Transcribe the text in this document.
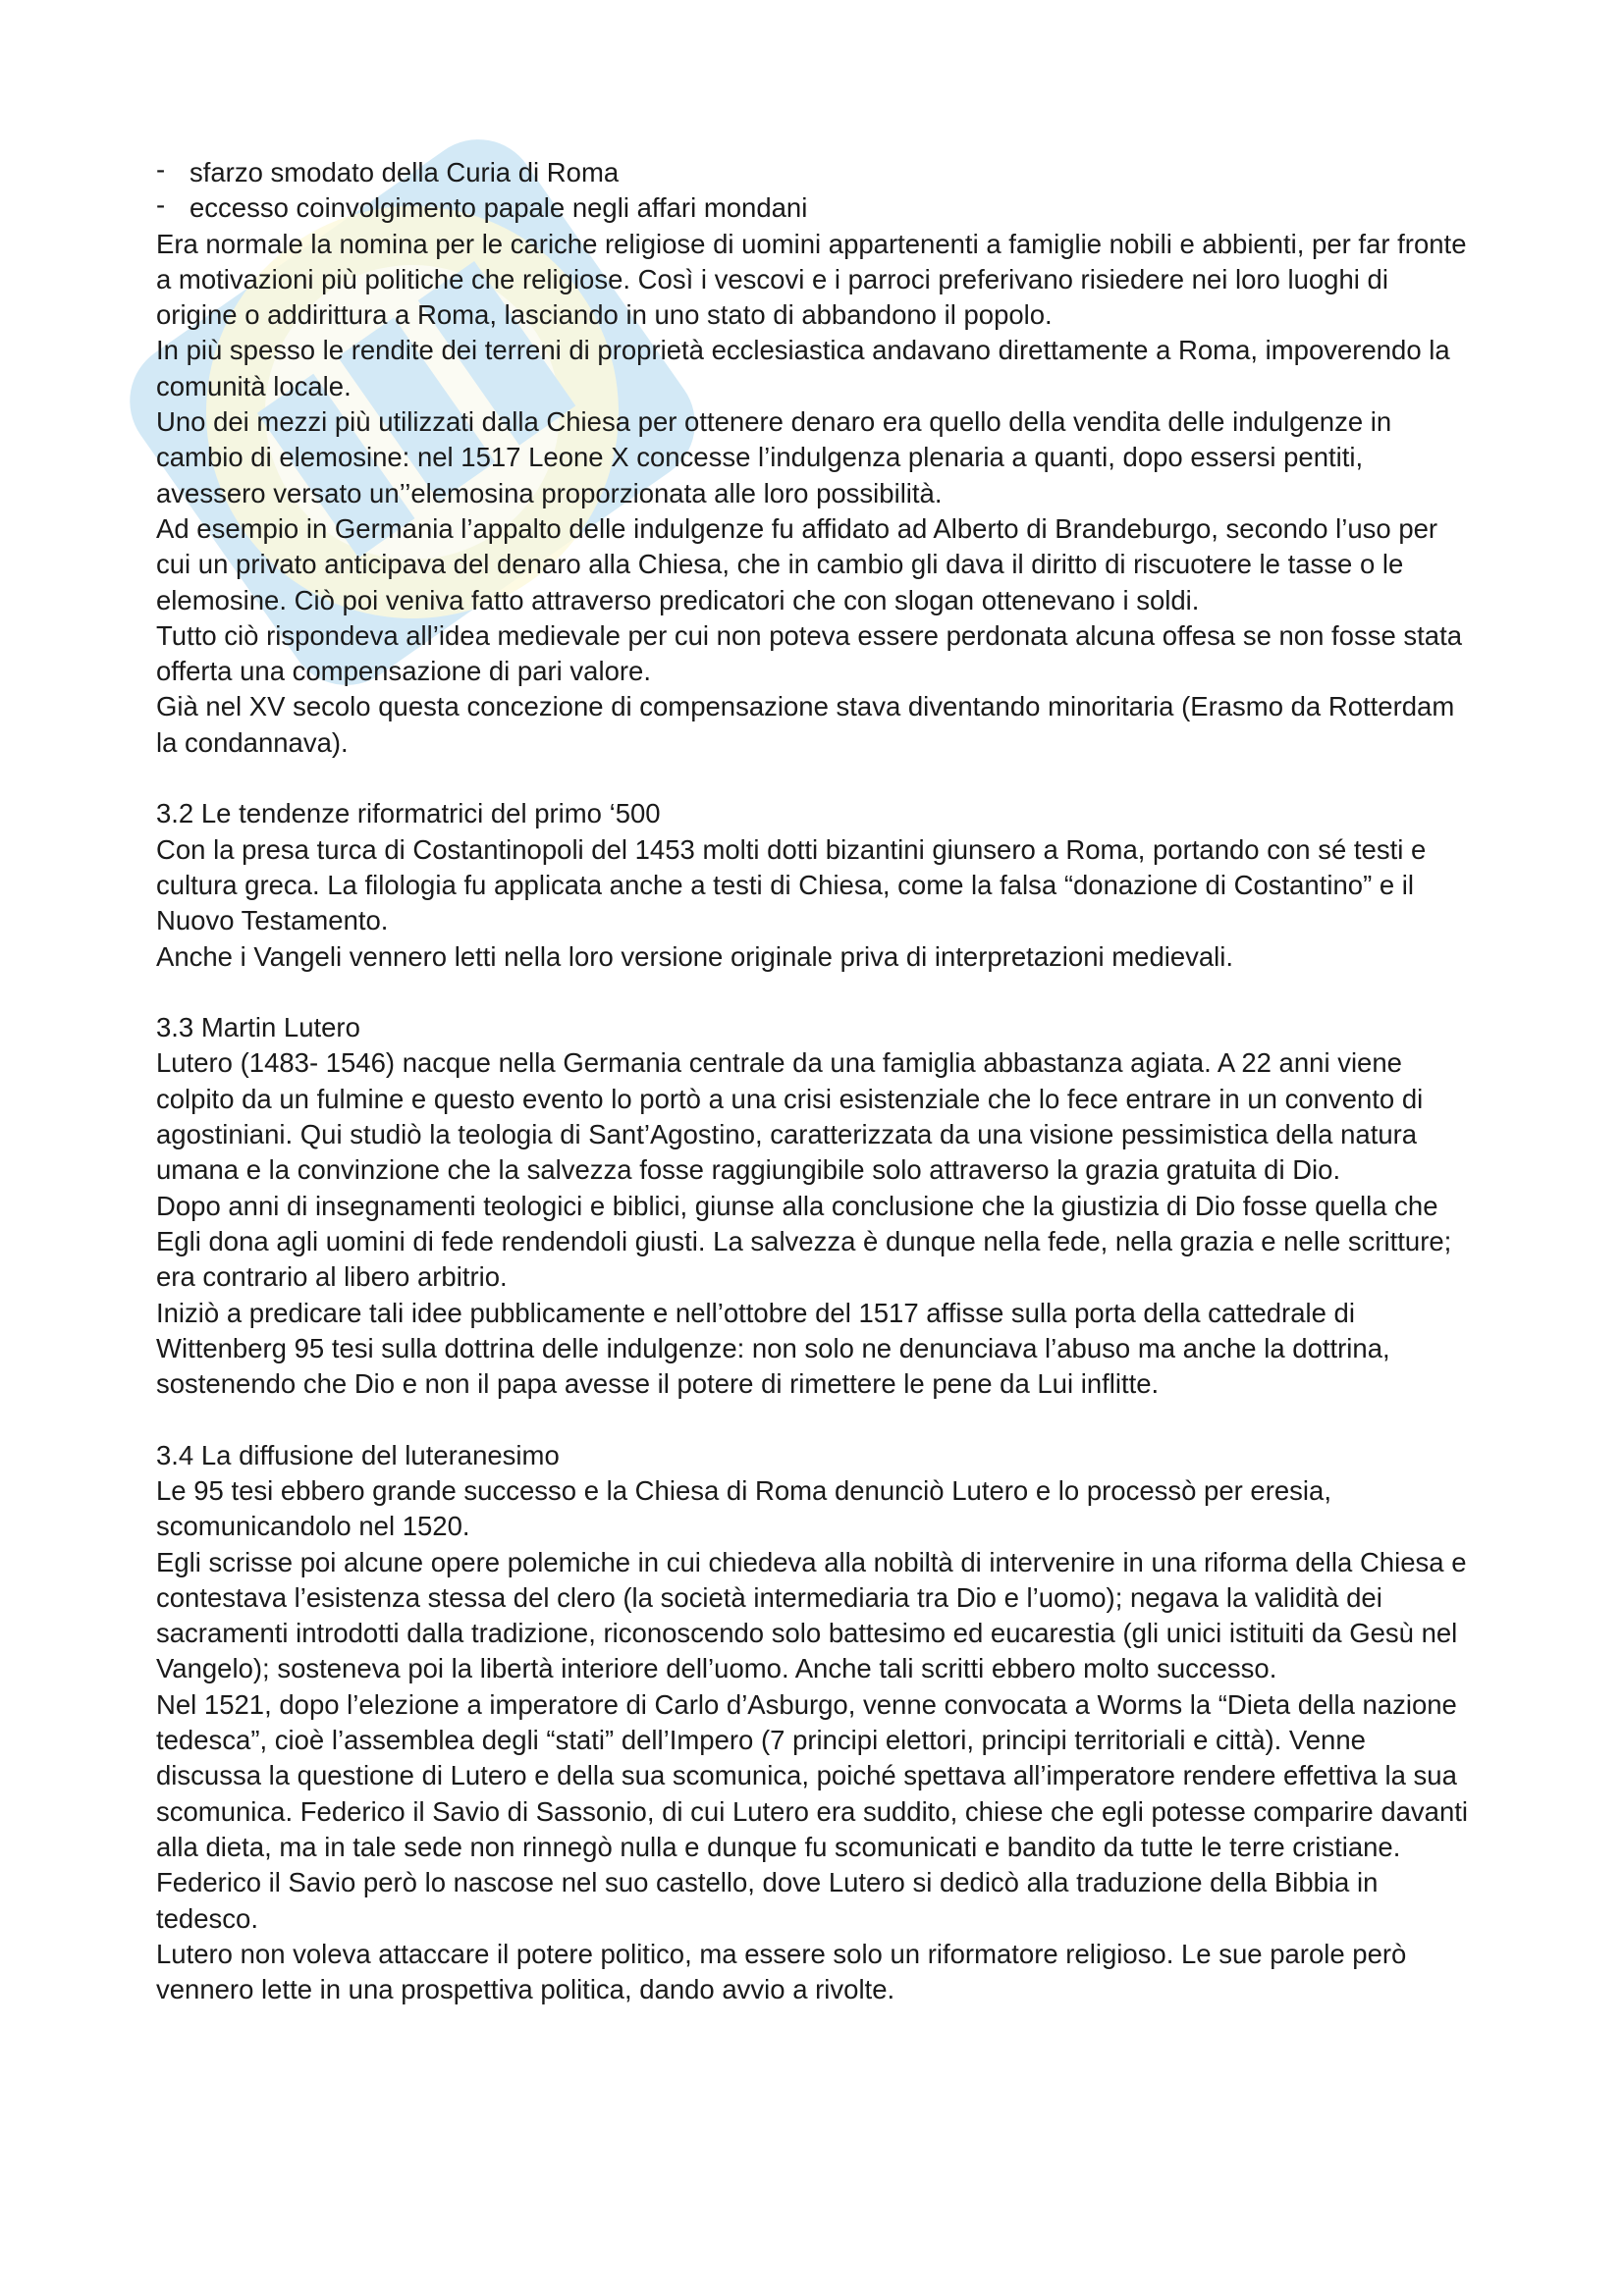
- sfarzo smodato della Curia di Roma

- eccesso coinvolgimento papale negli affari mondani

Era normale la nomina per le cariche religiose di uomini appartenenti a famiglie nobili e abbienti, per far fronte a motivazioni più politiche che religiose. Così i vescovi e i parroci preferivano risiedere nei loro luoghi di origine o addirittura a Roma, lasciando in uno stato di abbandono il popolo.

In più spesso le rendite dei terreni di proprietà ecclesiastica andavano direttamente a Roma, impoverendo la comunità locale.

Uno dei mezzi più utilizzati dalla Chiesa per ottenere denaro era quello della vendita delle indulgenze in cambio di elemosine: nel 1517 Leone X concesse l’indulgenza plenaria a quanti, dopo essersi pentiti, avessero versato un’’elemosina proporzionata alle loro possibilità.

Ad esempio in Germania l’appalto delle indulgenze fu affidato ad Alberto di Brandeburgo, secondo l’uso per cui un privato anticipava del denaro alla Chiesa, che in cambio gli dava il diritto di riscuotere le tasse o le elemosine. Ciò poi veniva fatto attraverso predicatori che con slogan ottenevano i soldi.

Tutto ciò rispondeva all’idea medievale per cui non poteva essere perdonata alcuna offesa se non fosse stata offerta una compensazione di pari valore.

Già nel XV secolo questa concezione di compensazione stava diventando minoritaria (Erasmo da Rotterdam la condannava).

3.2 Le tendenze riformatrici del primo ‘500

Con la presa turca di Costantinopoli del 1453 molti dotti bizantini giunsero a Roma, portando con sé testi e cultura greca. La filologia fu applicata anche a testi di Chiesa, come la falsa “donazione di Costantino” e il Nuovo Testamento.

Anche i Vangeli vennero letti nella loro versione originale priva di interpretazioni medievali.

3.3 Martin Lutero

Lutero (1483- 1546) nacque nella Germania centrale da una famiglia abbastanza agiata. A 22 anni viene colpito da un fulmine e questo evento lo portò a una crisi esistenziale che lo fece entrare in un convento di agostiniani. Qui studiò la teologia di Sant’Agostino, caratterizzata da una visione pessimistica della natura umana e la convinzione che la salvezza fosse raggiungibile solo attraverso la grazia gratuita di Dio.

Dopo anni di insegnamenti teologici e biblici, giunse alla conclusione che la giustizia di Dio fosse quella che Egli dona agli uomini di fede rendendoli giusti. La salvezza è dunque nella fede, nella grazia e nelle scritture; era contrario al libero arbitrio.

Iniziò a predicare tali idee pubblicamente e nell’ottobre del 1517 affisse sulla porta della cattedrale di Wittenberg 95 tesi sulla dottrina delle indulgenze: non solo ne denunciava l’abuso ma anche la dottrina, sostenendo che Dio e non il papa avesse il potere di rimettere le pene da Lui inflitte.

3.4 La diffusione del luteranesimo

Le 95 tesi ebbero grande successo e la Chiesa di Roma denunciò Lutero e lo processò per eresia, scomunicandolo nel 1520.

Egli scrisse poi alcune opere polemiche in cui chiedeva alla nobiltà di intervenire in una riforma della Chiesa e contestava l’esistenza stessa del clero (la società intermediaria tra Dio e l’uomo); negava la validità dei sacramenti introdotti dalla tradizione, riconoscendo solo battesimo ed eucarestia (gli unici istituiti da Gesù nel Vangelo); sosteneva poi la libertà interiore dell’uomo. Anche tali scritti ebbero molto successo.

Nel 1521, dopo l’elezione a imperatore di Carlo d’Asburgo, venne convocata a Worms la “Dieta della nazione tedesca”, cioè l’assemblea degli “stati” dell’Impero (7 principi elettori, principi territoriali e città). Venne discussa la questione di Lutero e della sua scomunica, poiché spettava all’imperatore rendere effettiva la sua scomunica. Federico il Savio di Sassonio, di cui Lutero era suddito, chiese che egli potesse comparire davanti alla dieta, ma in tale sede non rinnegò nulla e dunque fu scomunicati e bandito da tutte le terre cristiane. Federico il Savio però lo nascose nel suo castello, dove Lutero si dedicò alla traduzione della Bibbia in tedesco.

Lutero non voleva attaccare il potere politico, ma essere solo un riformatore religioso. Le sue parole però vennero lette in una prospettiva politica, dando avvio a rivolte.
